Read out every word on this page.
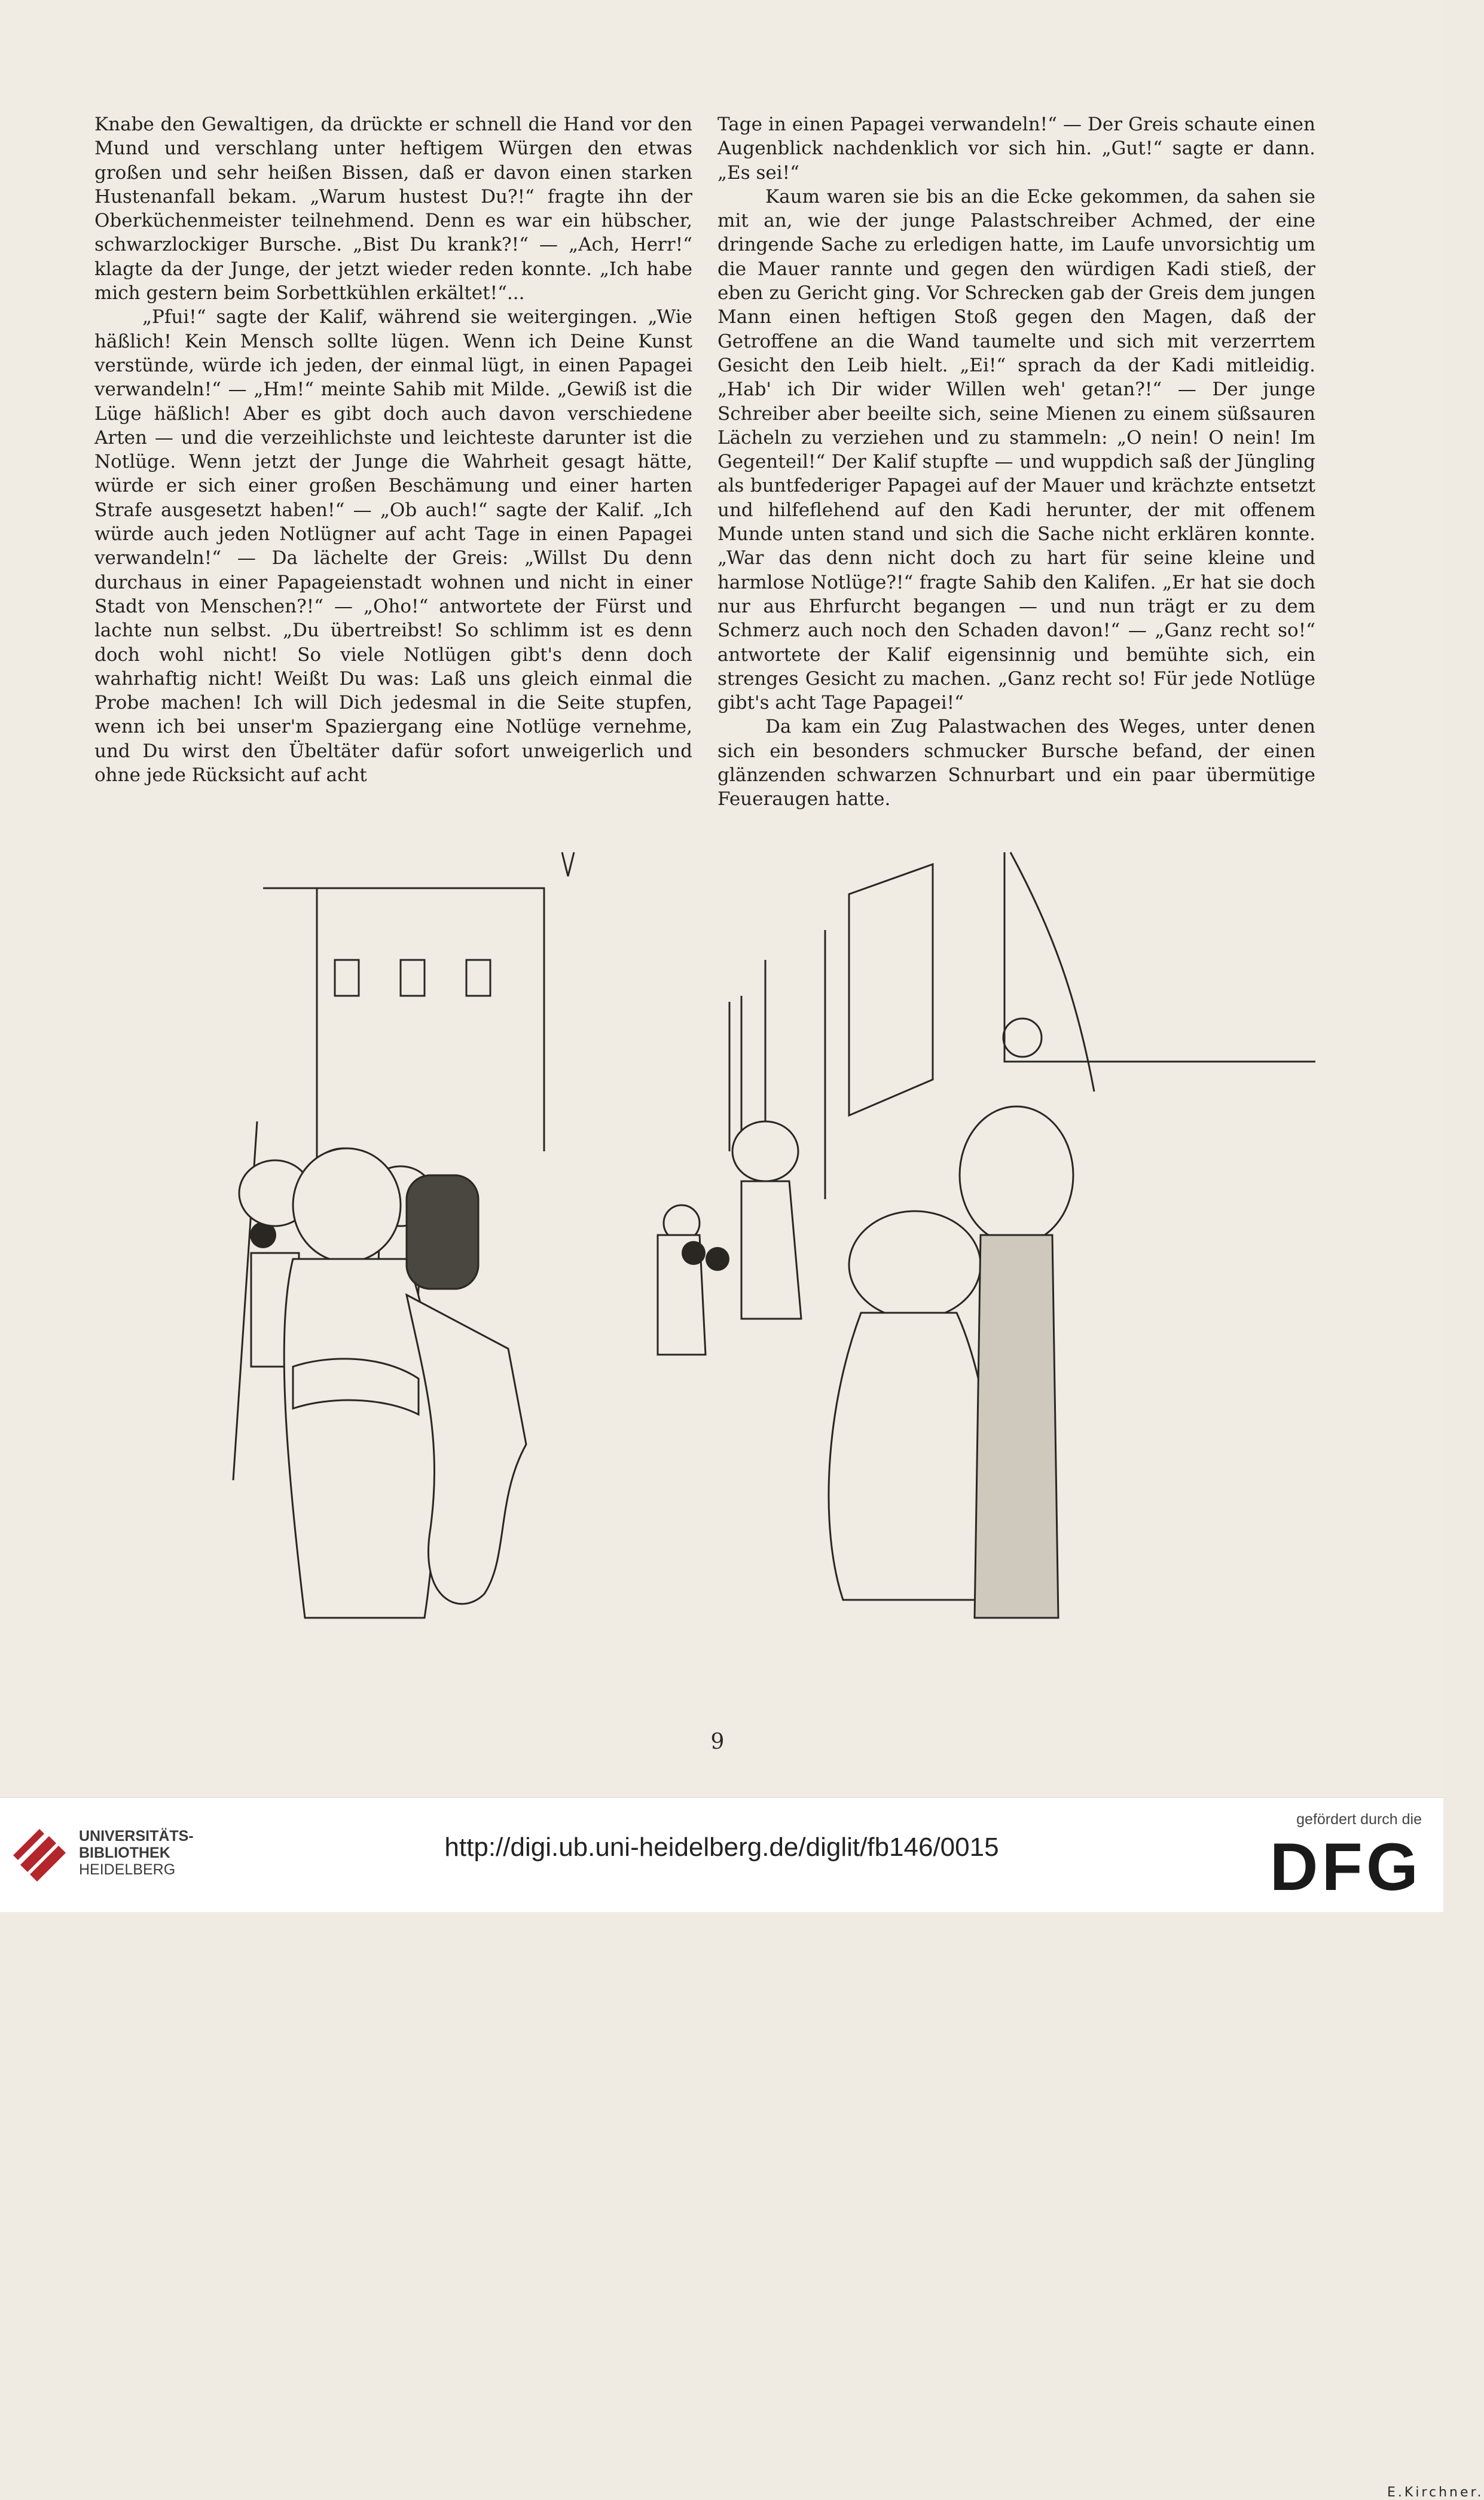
Knabe den Gewaltigen, da drückte er schnell die Hand vor den Mund und verschlang unter heftigem Würgen den etwas großen und sehr heißen Bissen, daß er davon einen starken Hustenanfall bekam. „Warum hustest Du?!“ fragte ihn der Oberküchenmeister teilnehmend. Denn es war ein hübscher, schwarzlockiger Bursche. „Bist Du krank?!“ — „Ach, Herr!“ klagte da der Junge, der jetzt wieder reden konnte. „Ich habe mich gestern beim Sorbettkühlen erkältet!“...

„Pfui!“ sagte der Kalif, während sie weitergingen. „Wie häßlich! Kein Mensch sollte lügen. Wenn ich Deine Kunst verstünde, würde ich jeden, der einmal lügt, in einen Papagei verwandeln!“ — „Hm!“ meinte Sahib mit Milde. „Gewiß ist die Lüge häßlich! Aber es gibt doch auch davon verschiedene Arten — und die verzeihlichste und leichteste darunter ist die Notlüge. Wenn jetzt der Junge die Wahrheit gesagt hätte, würde er sich einer großen Beschämung und einer harten Strafe ausgesetzt haben!“ — „Ob auch!“ sagte der Kalif. „Ich würde auch jeden Notlügner auf acht Tage in einen Papagei verwandeln!“ — Da lächelte der Greis: „Willst Du denn durchaus in einer Papageienstadt wohnen und nicht in einer Stadt von Menschen?!“ — „Oho!“ antwortete der Fürst und lachte nun selbst. „Du übertreibst! So schlimm ist es denn doch wohl nicht! So viele Notlügen gibt's denn doch wahrhaftig nicht! Weißt Du was: Laß uns gleich einmal die Probe machen! Ich will Dich jedesmal in die Seite stupfen, wenn ich bei unser'm Spaziergang eine Notlüge vernehme, und Du wirst den Übeltäter dafür sofort unweigerlich und ohne jede Rücksicht auf acht

Tage in einen Papagei verwandeln!“ — Der Greis schaute einen Augenblick nachdenklich vor sich hin. „Gut!“ sagte er dann. „Es sei!“

Kaum waren sie bis an die Ecke gekommen, da sahen sie mit an, wie der junge Palastschreiber Achmed, der eine dringende Sache zu erledigen hatte, im Laufe unvorsichtig um die Mauer rannte und gegen den würdigen Kadi stieß, der eben zu Gericht ging. Vor Schrecken gab der Greis dem jungen Mann einen heftigen Stoß gegen den Magen, daß der Getroffene an die Wand taumelte und sich mit verzerrtem Gesicht den Leib hielt. „Ei!“ sprach da der Kadi mitleidig. „Hab' ich Dir wider Willen weh' getan?!“ — Der junge Schreiber aber beeilte sich, seine Mienen zu einem süßsauren Lächeln zu verziehen und zu stammeln: „O nein! O nein! Im Gegenteil!“ Der Kalif stupfte — und wuppdich saß der Jüngling als buntfederiger Papagei auf der Mauer und krächzte entsetzt und hilfeflehend auf den Kadi herunter, der mit offenem Munde unten stand und sich die Sache nicht erklären konnte. „War das denn nicht doch zu hart für seine kleine und harmlose Notlüge?!“ fragte Sahib den Kalifen. „Er hat sie doch nur aus Ehrfurcht begangen — und nun trägt er zu dem Schmerz auch noch den Schaden davon!“ — „Ganz recht so!“ antwortete der Kalif eigensinnig und bemühte sich, ein strenges Gesicht zu machen. „Ganz recht so! Für jede Notlüge gibt's acht Tage Papagei!“

Da kam ein Zug Palastwachen des Weges, unter denen sich ein besonders schmucker Bursche befand, der einen glänzenden schwarzen Schnurbart und ein paar übermütige Feueraugen hatte.

E.Kirchner.
9
UNIVERSITÄTS-
BIBLIOTHEK
HEIDELBERG
http://digi.ub.uni-heidelberg.de/diglit/fb146/0015
gefördert durch die
DFG
